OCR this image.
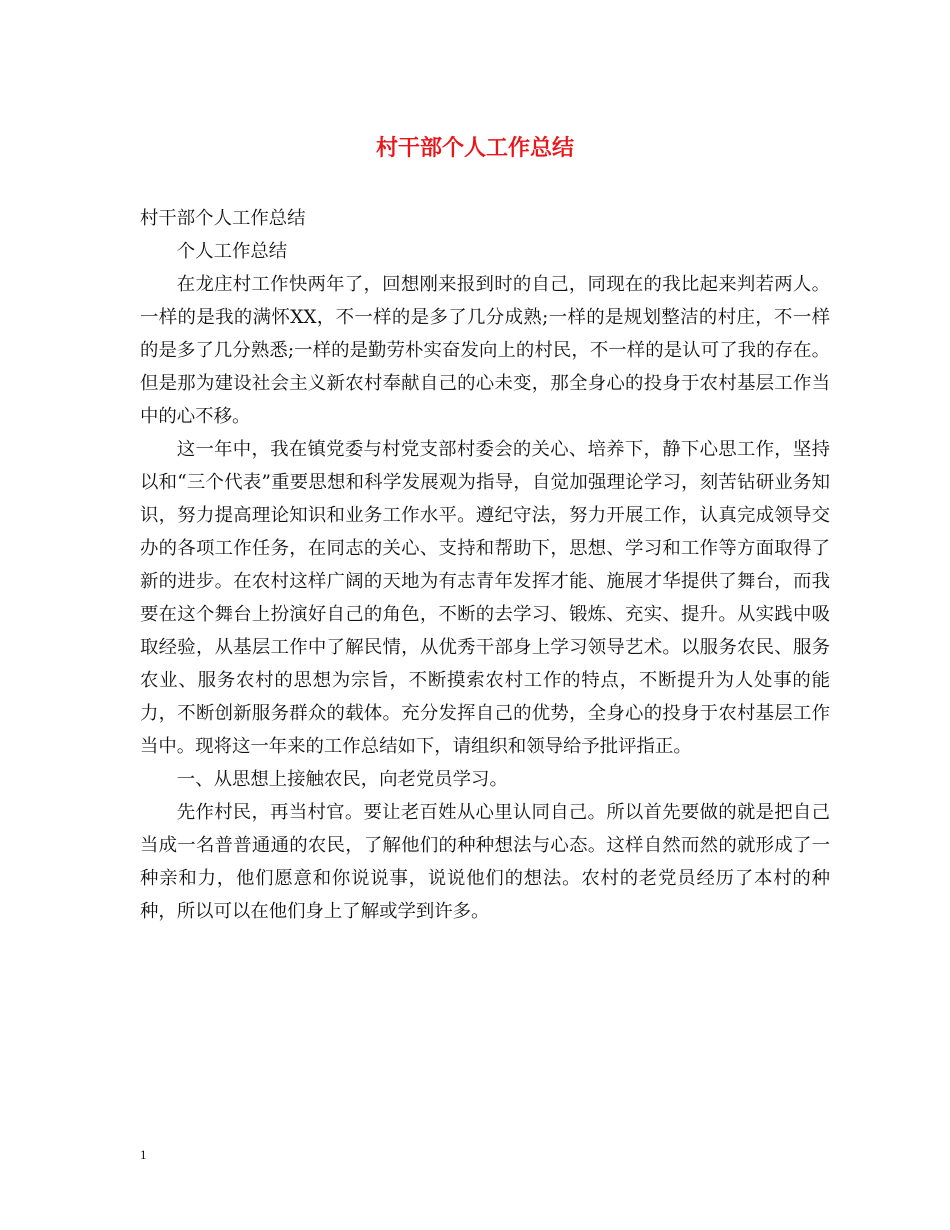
村干部个人工作总结

村干部个人工作总结

个人工作总结

在龙庄村工作快两年了，回想刚来报到时的自己，同现在的我比起来判若两人。一样的是我的满怀XX，不一样的是多了几分成熟;一样的是规划整洁的村庄，不一样的是多了几分熟悉;一样的是勤劳朴实奋发向上的村民，不一样的是认可了我的存在。但是那为建设社会主义新农村奉献自己的心未变，那全身心的投身于农村基层工作当中的心不移。

这一年中，我在镇党委与村党支部村委会的关心、培养下，静下心思工作，坚持以和“三个代表”重要思想和科学发展观为指导，自觉加强理论学习，刻苦钻研业务知识，努力提高理论知识和业务工作水平。遵纪守法，努力开展工作，认真完成领导交办的各项工作任务，在同志的关心、支持和帮助下，思想、学习和工作等方面取得了新的进步。在农村这样广阔的天地为有志青年发挥才能、施展才华提供了舞台，而我要在这个舞台上扮演好自己的角色，不断的去学习、锻炼、充实、提升。从实践中吸取经验，从基层工作中了解民情，从优秀干部身上学习领导艺术。以服务农民、服务农业、服务农村的思想为宗旨，不断摸索农村工作的特点，不断提升为人处事的能力，不断创新服务群众的载体。充分发挥自己的优势，全身心的投身于农村基层工作当中。现将这一年来的工作总结如下，请组织和领导给予批评指正。

一、从思想上接触农民，向老党员学习。

先作村民，再当村官。要让老百姓从心里认同自己。所以首先要做的就是把自己当成一名普普通通的农民，了解他们的种种想法与心态。这样自然而然的就形成了一种亲和力，他们愿意和你说说事，说说他们的想法。农村的老党员经历了本村的种种，所以可以在他们身上了解或学到许多。

1
